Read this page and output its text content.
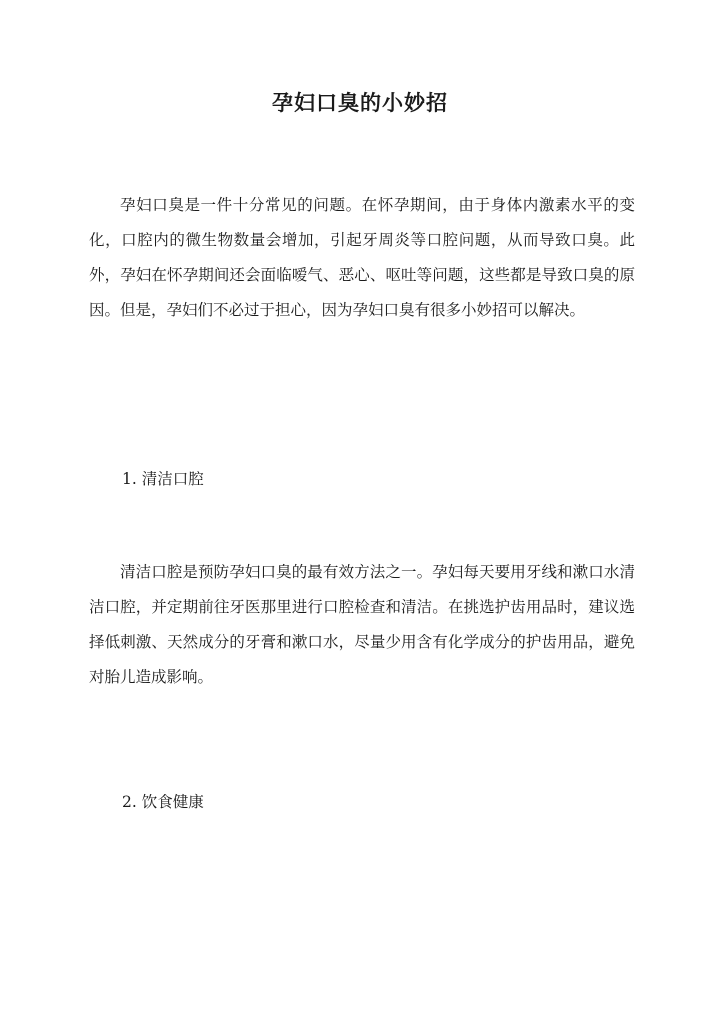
孕妇口臭的小妙招

孕妇口臭是一件十分常见的问题。在怀孕期间，由于身体内激素水平的变化，口腔内的微生物数量会增加，引起牙周炎等口腔问题，从而导致口臭。此外，孕妇在怀孕期间还会面临嗳气、恶心、呕吐等问题，这些都是导致口臭的原因。但是，孕妇们不必过于担心，因为孕妇口臭有很多小妙招可以解决。

1. 清洁口腔

清洁口腔是预防孕妇口臭的最有效方法之一。孕妇每天要用牙线和漱口水清洁口腔，并定期前往牙医那里进行口腔检查和清洁。在挑选护齿用品时，建议选择低刺激、天然成分的牙膏和漱口水，尽量少用含有化学成分的护齿用品，避免对胎儿造成影响。

2. 饮食健康
